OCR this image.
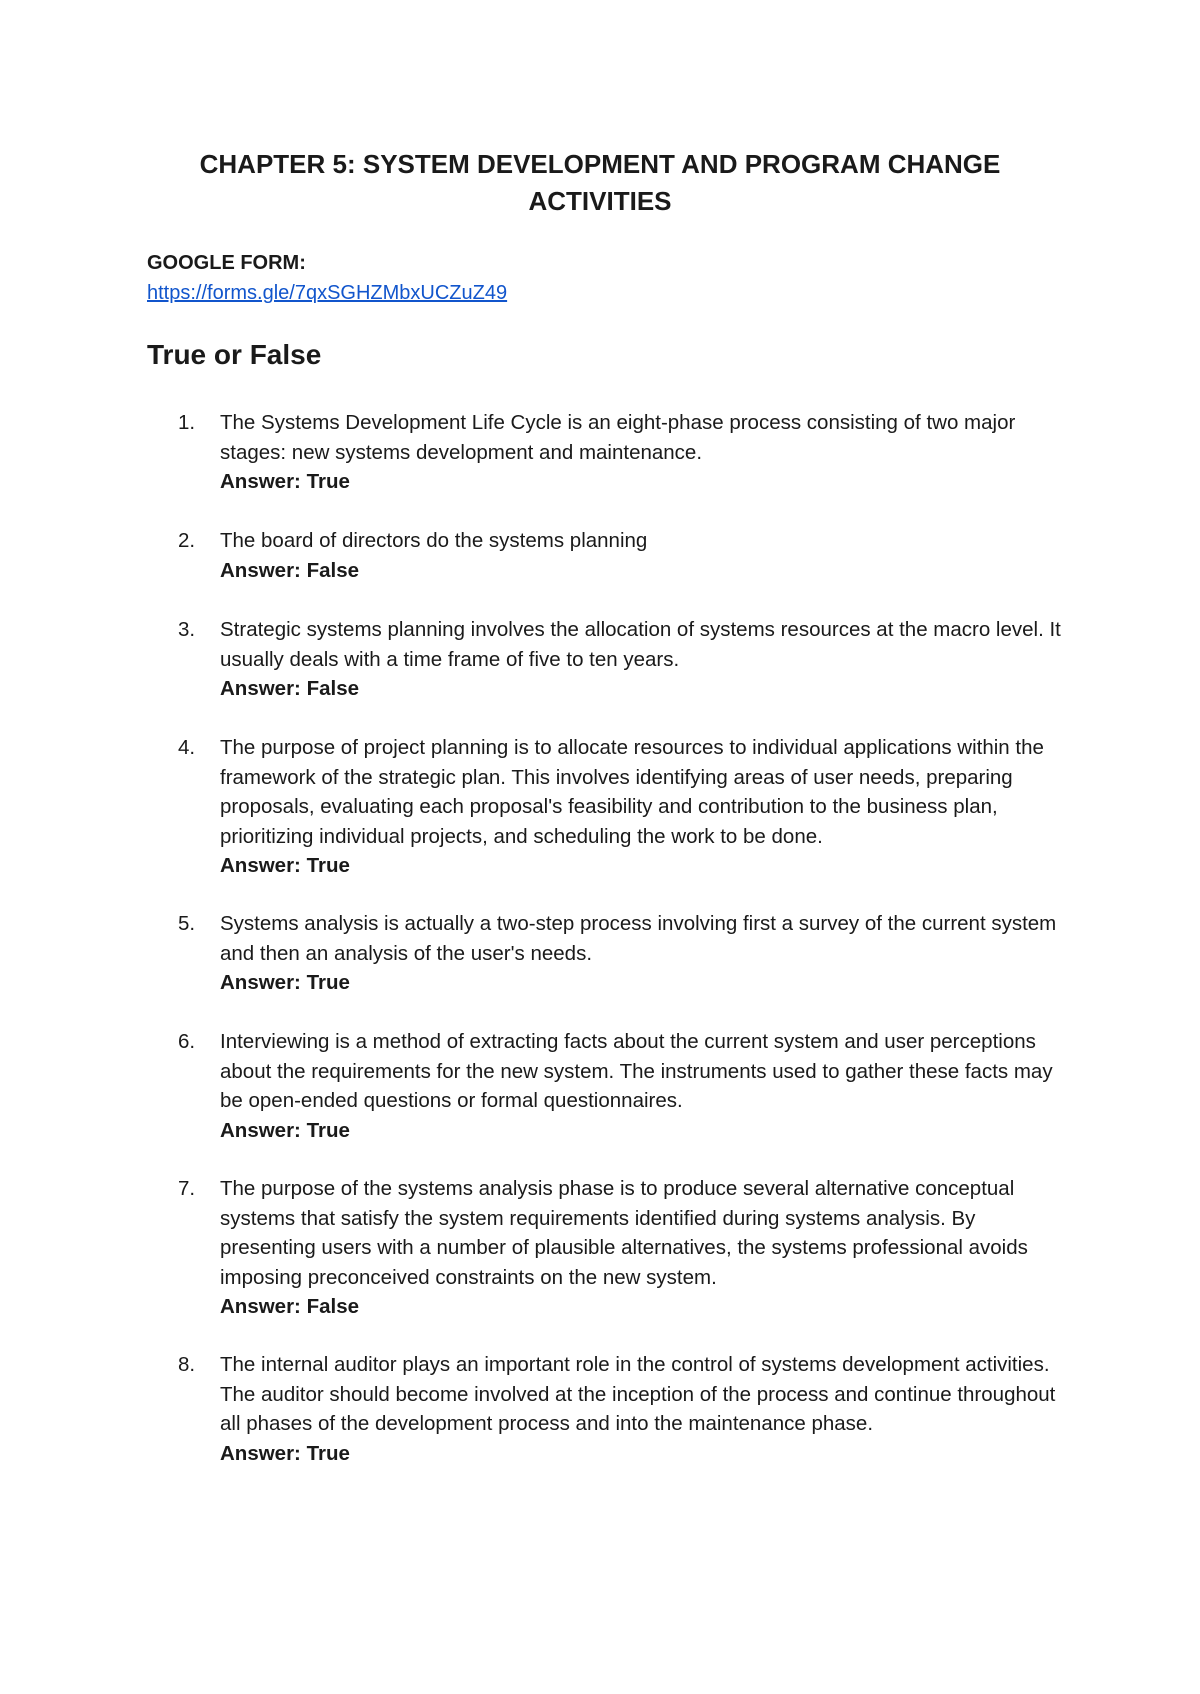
CHAPTER 5: SYSTEM DEVELOPMENT AND PROGRAM CHANGE ACTIVITIES

GOOGLE FORM:

https://forms.gle/7qxSGHZMbxUCZuZ49
True or False
1.	The Systems Development Life Cycle is an eight-phase process consisting of two major stages: new systems development and maintenance.
Answer: True
2.	The board of directors do the systems planning
Answer: False
3.	Strategic systems planning involves the allocation of systems resources at the macro level. It usually deals with a time frame of five to ten years.
Answer: False
4.	The purpose of project planning is to allocate resources to individual applications within the framework of the strategic plan. This involves identifying areas of user needs, preparing proposals, evaluating each proposal's feasibility and contribution to the business plan, prioritizing individual projects, and scheduling the work to be done.
Answer: True
5.	Systems analysis is actually a two-step process involving first a survey of the current system and then an analysis of the user's needs.
Answer: True
6.	Interviewing is a method of extracting facts about the current system and user perceptions about the requirements for the new system. The instruments used to gather these facts may be open-ended questions or formal questionnaires.
Answer: True
7.	The purpose of the systems analysis phase is to produce several alternative conceptual systems that satisfy the system requirements identified during systems analysis. By presenting users with a number of plausible alternatives, the systems professional avoids imposing preconceived constraints on the new system.
Answer: False
8.	The internal auditor plays an important role in the control of systems development activities. The auditor should become involved at the inception of the process and continue throughout all phases of the development process and into the maintenance phase.
Answer: True
